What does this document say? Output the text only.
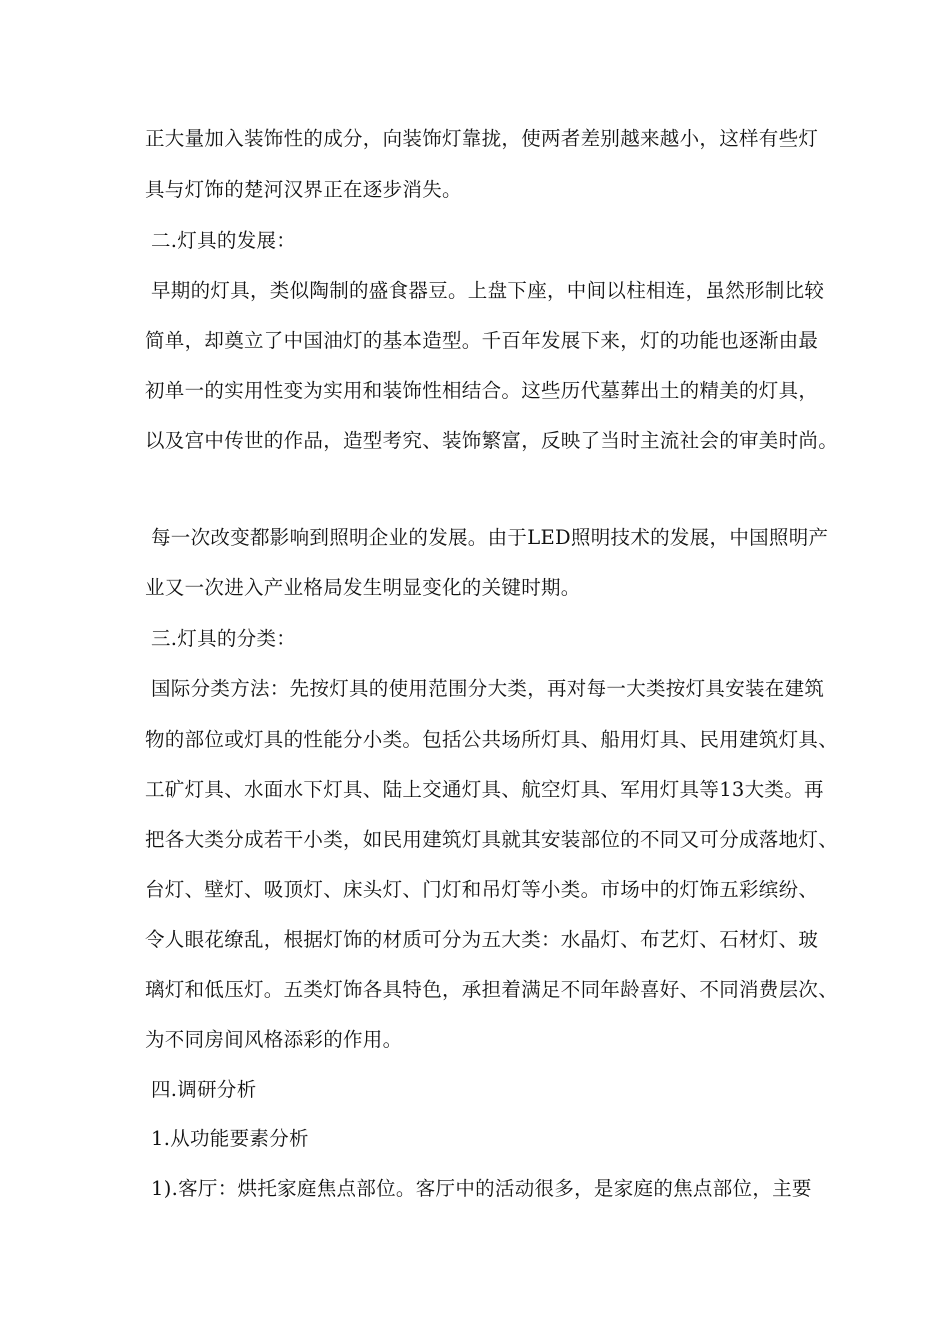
正大量加入装饰性的成分，向装饰灯靠拢，使两者差别越来越小，这样有些灯
具与灯饰的楚河汉界正在逐步消失。
二.灯具的发展：
早期的灯具，类似陶制的盛食器豆。上盘下座，中间以柱相连，虽然形制比较
简单，却奠立了中国油灯的基本造型。千百年发展下来，灯的功能也逐渐由最
初单一的实用性变为实用和装饰性相结合。这些历代墓葬出土的精美的灯具，
以及宫中传世的作品，造型考究、装饰繁富，反映了当时主流社会的审美时尚。
每一次改变都影响到照明企业的发展。由于LED照明技术的发展，中国照明产
业又一次进入产业格局发生明显变化的关键时期。
三.灯具的分类：
国际分类方法：先按灯具的使用范围分大类，再对每一大类按灯具安装在建筑
物的部位或灯具的性能分小类。包括公共场所灯具、船用灯具、民用建筑灯具、
工矿灯具、水面水下灯具、陆上交通灯具、航空灯具、军用灯具等13大类。再
把各大类分成若干小类，如民用建筑灯具就其安装部位的不同又可分成落地灯、
台灯、壁灯、吸顶灯、床头灯、门灯和吊灯等小类。市场中的灯饰五彩缤纷、
令人眼花缭乱，根据灯饰的材质可分为五大类：水晶灯、布艺灯、石材灯、玻
璃灯和低压灯。五类灯饰各具特色，承担着满足不同年龄喜好、不同消费层次、
为不同房间风格添彩的作用。
四.调研分析
1.从功能要素分析
1).客厅：烘托家庭焦点部位。客厅中的活动很多，是家庭的焦点部位，主要
